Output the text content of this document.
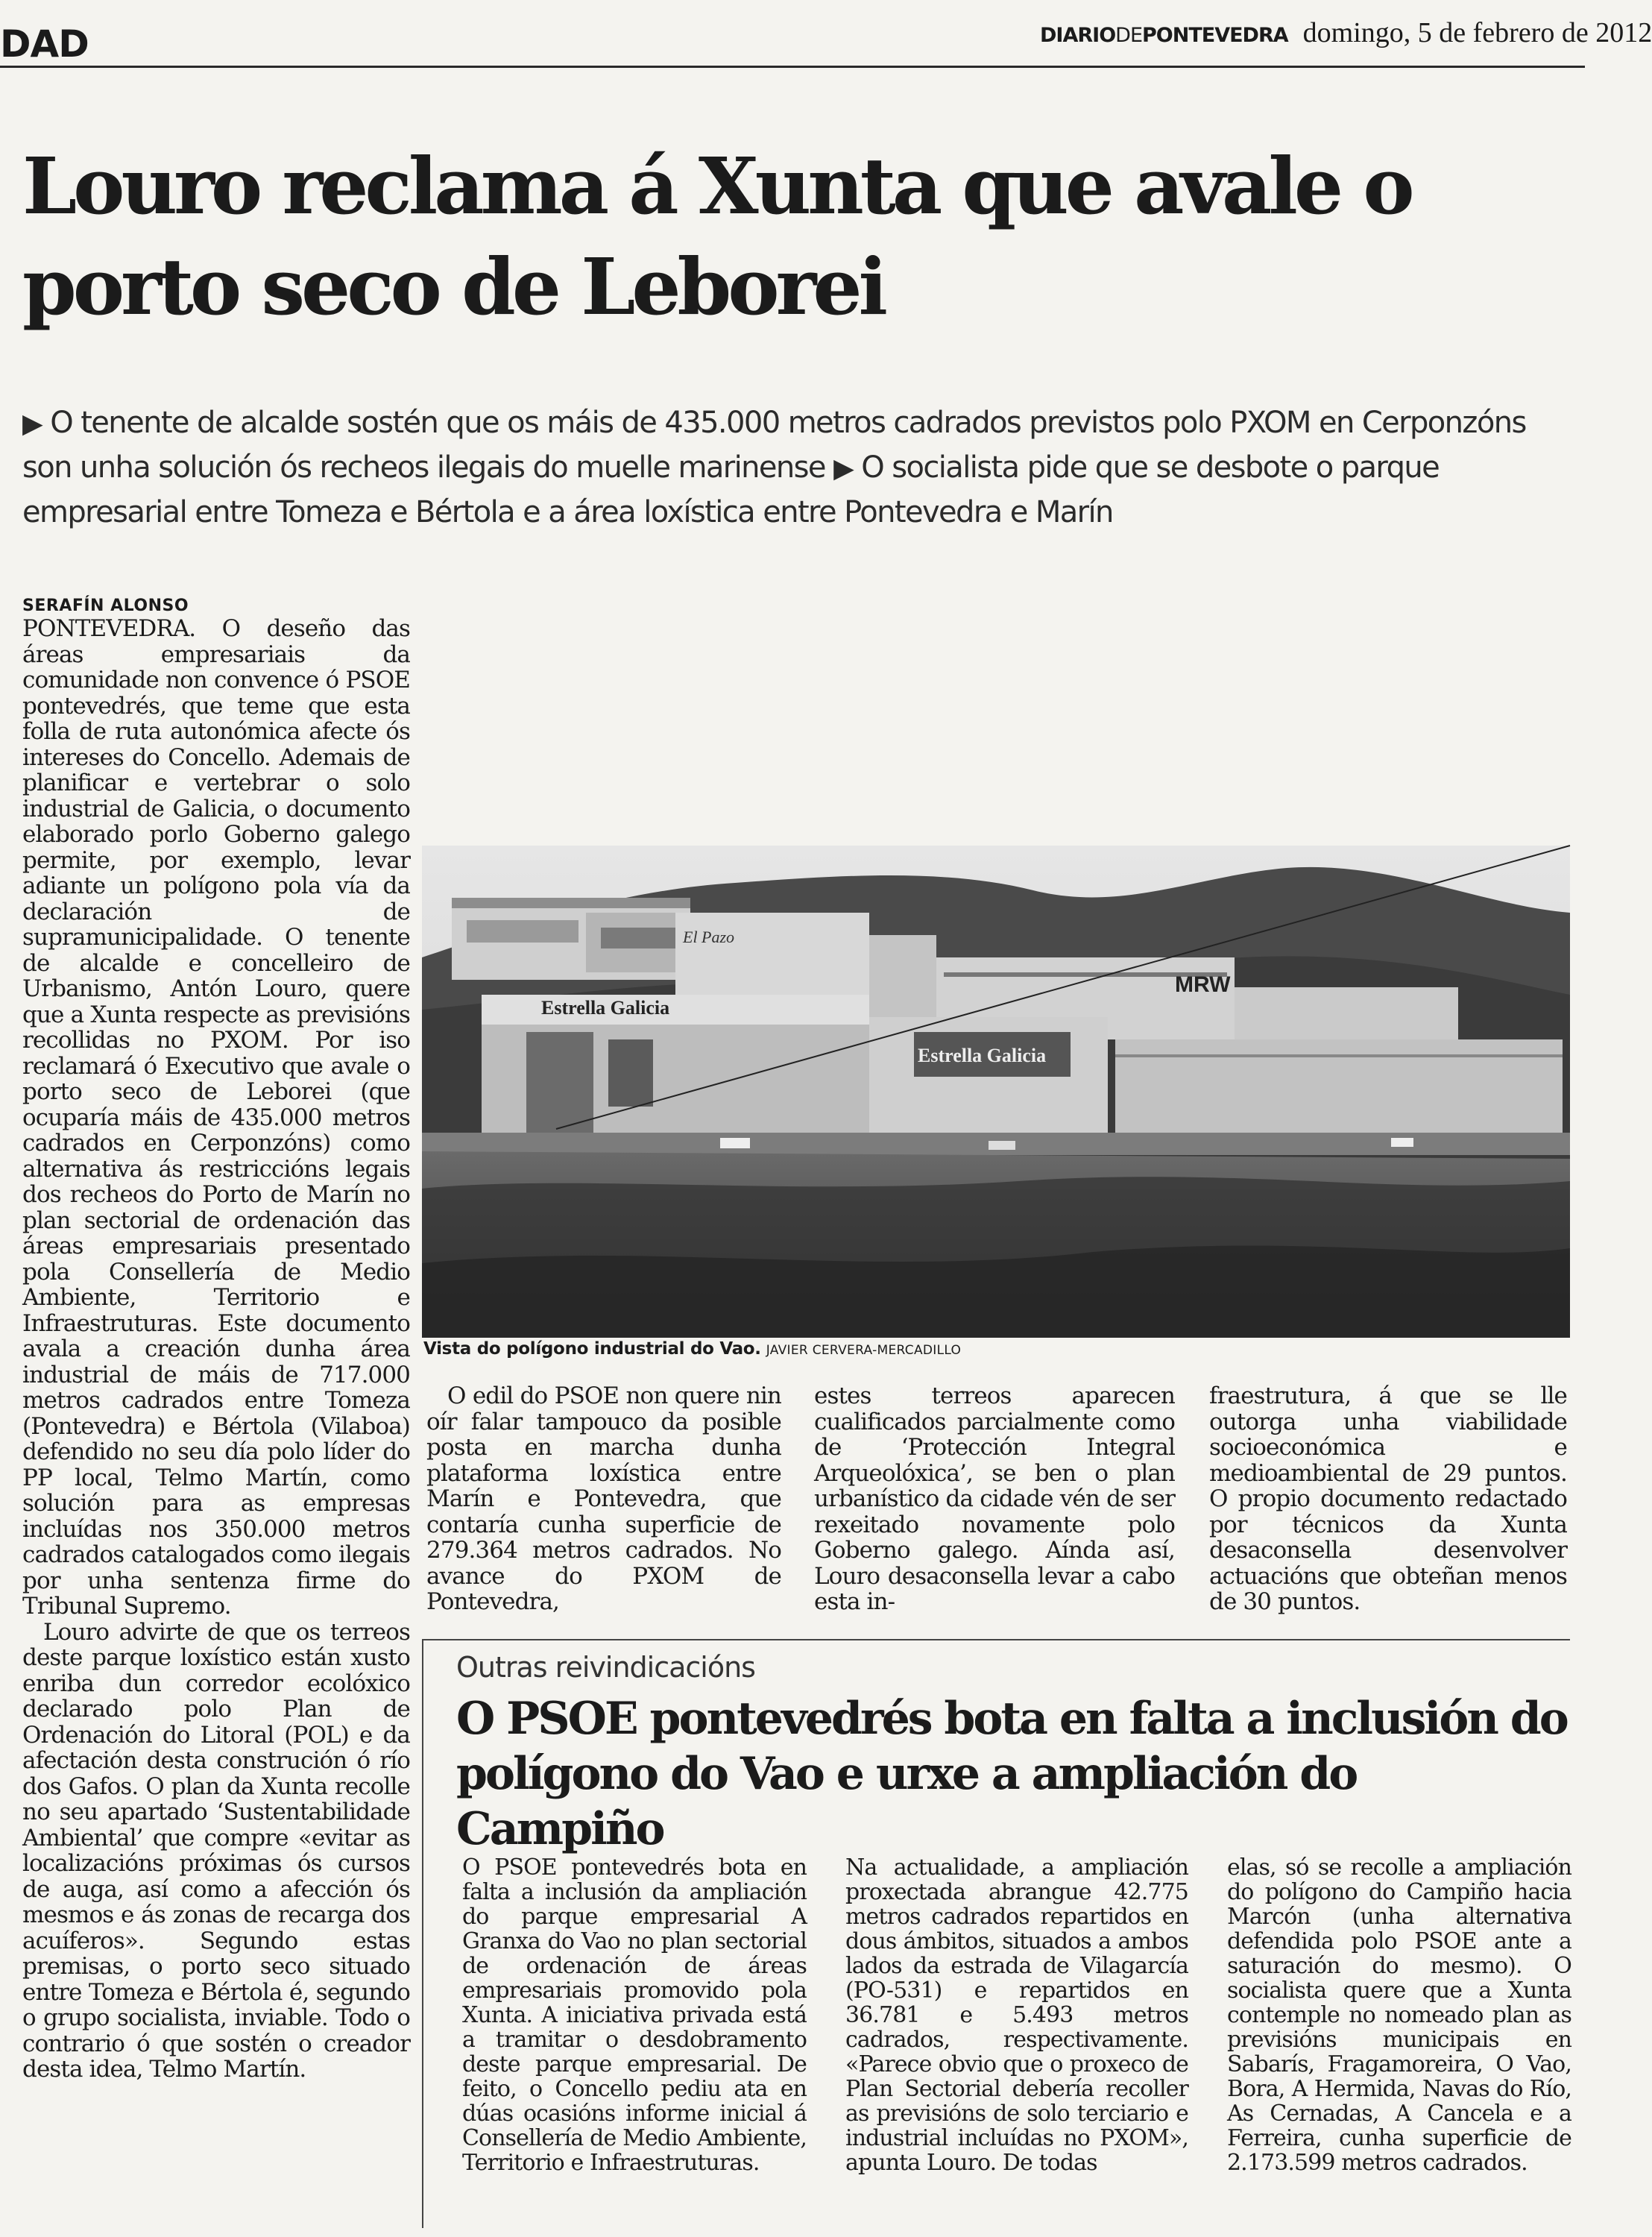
DAD	DIARIODEPONTEVEDRA domingo, 5 de febrero de 2012
Louro reclama á Xunta que avale o porto seco de Leborei
▶ O tenente de alcalde sostén que os máis de 435.000 metros cadrados previstos polo PXOM en Cerponzóns son unha solución ós recheos ilegais do muelle marinense ▶ O socialista pide que se desbote o parque empresarial entre Tomeza e Bértola e a área loxística entre Pontevedra e Marín
SERAFÍN ALONSO

PONTEVEDRA. O deseño das áreas empresariais da comunidade non convence ó PSOE pontevedrés, que teme que esta folla de ruta autonómica afecte ós intereses do Concello. Ademais de planificar e vertebrar o solo industrial de Galicia, o documento elaborado porlo Goberno galego permite, por exemplo, levar adiante un polígono pola vía da declaración de supramunicipalidade. O tenente de alcalde e concelleiro de Urbanismo, Antón Louro, quere que a Xunta respecte as previsións recollidas no PXOM. Por iso reclamará ó Executivo que avale o porto seco de Leborei (que ocuparía máis de 435.000 metros cadrados en Cerponzóns) como alternativa ás restriccións legais dos recheos do Porto de Marín no plan sectorial de ordenación das áreas empresariais presentado pola Consellería de Medio Ambiente, Territorio e Infraestruturas. Este documento avala a creación dunha área industrial de máis de 717.000 metros cadrados entre Tomeza (Pontevedra) e Bértola (Vilaboa) defendido no seu día polo líder do PP local, Telmo Martín, como solución para as empresas incluídas nos 350.000 metros cadrados catalogados como ilegais por unha sentenza firme do Tribunal Supremo.

Louro advirte de que os terreos deste parque loxístico están xusto enriba dun corredor ecolóxico declarado polo Plan de Ordenación do Litoral (POL) e da afectación desta construción ó río dos Gafos. O plan da Xunta recolle no seu apartado ‘Sustentabilidade Ambiental’ que compre «evitar as localizacións próximas ós cursos de auga, así como a afección ós mesmos e ás zonas de recarga dos acuíferos». Segundo estas premisas, o porto seco situado entre Tomeza e Bértola é, segundo o grupo socialista, inviable. Todo o contrario ó que sostén o creador desta idea, Telmo Martín.

Estrella Galicia
Estrella Galicia
MRW
El Pazo
Vista do polígono industrial do Vao. JAVIER CERVERA-MERCADILLO

O edil do PSOE non quere nin oír falar tampouco da posible posta en marcha dunha plataforma loxística entre Marín e Pontevedra, que contaría cunha superficie de 279.364 metros cadrados. No avance do PXOM de Pontevedra,

estes terreos aparecen cualificados parcialmente como de ‘Protección Integral Arqueolóxica’, se ben o plan urbanístico da cidade vén de ser rexeitado novamente polo Goberno galego. Aínda así, Louro desaconsella levar a cabo esta in-

fraestrutura, á que se lle outorga unha viabilidade socioeconómica e medioambiental de 29 puntos. O propio documento redactado por técnicos da Xunta desaconsella desenvolver actuacións que obteñan menos de 30 puntos.

Outras reivindicacións
O PSOE pontevedrés bota en falta a inclusión do polígono do Vao e urxe a ampliación do Campiño

O PSOE pontevedrés bota en falta a inclusión da ampliación do parque empresarial A Granxa do Vao no plan sectorial de ordenación de áreas empresariais promovido pola Xunta. A iniciativa privada está a tramitar o desdobramento deste parque empresarial. De feito, o Concello pediu ata en dúas ocasións informe inicial á Consellería de Medio Ambiente, Territorio e Infraestruturas.

Na actualidade, a ampliación proxectada abrangue 42.775 metros cadrados repartidos en dous ámbitos, situados a ambos lados da estrada de Vilagarcía (PO-531) e repartidos en 36.781 e 5.493 metros cadrados, respectivamente. «Parece obvio que o proxeco de Plan Sectorial debería recoller as previsións de solo terciario e industrial incluídas no PXOM», apunta Louro. De todas

elas, só se recolle a ampliación do polígono do Campiño hacia Marcón (unha alternativa defendida polo PSOE ante a saturación do mesmo). O socialista quere que a Xunta contemple no nomeado plan as previsións municipais en Sabarís, Fragamoreira, O Vao, Bora, A Hermida, Navas do Río, As Cernadas, A Cancela e a Ferreira, cunha superficie de 2.173.599 metros cadrados.
